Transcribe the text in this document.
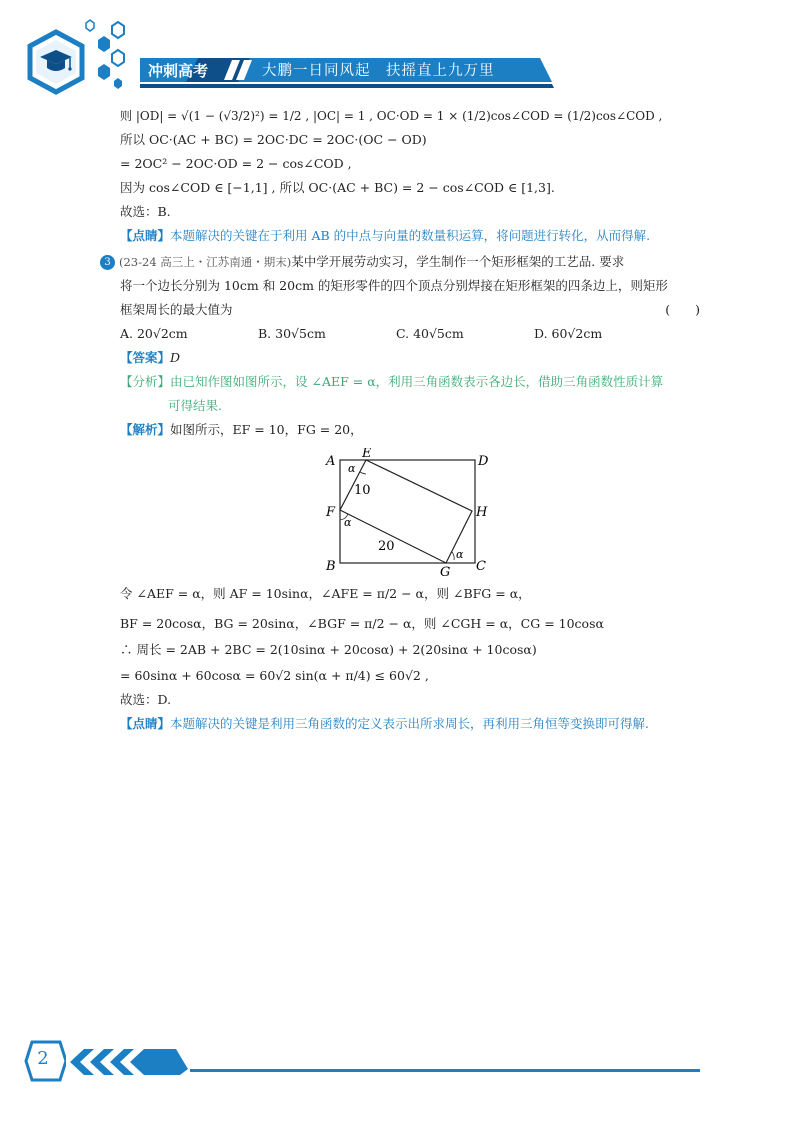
冲刺高考	大鹏一日同风起　扶摇直上九万里
则 |OD| = √(1 − (√3/2)²) = 1/2 , |OC| = 1 , OC·OD = 1 × (1/2)cos∠COD = (1/2)cos∠COD ,
所以 OC·(AC + BC) = 2OC·DC = 2OC·(OC − OD)
= 2OC² − 2OC·OD = 2 − cos∠COD ,
因为 cos∠COD ∈ [−1,1] , 所以 OC·(AC + BC) = 2 − cos∠COD ∈ [1,3].
故选：B.
【点睛】本题解决的关键在于利用 AB 的中点与向量的数量积运算，将问题进行转化，从而得解.
3 (23-24 高三上・江苏南通・期末)某中学开展劳动实习，学生制作一个矩形框架的工艺品. 要求
将一个边长分别为 10cm 和 20cm 的矩形零件的四个顶点分别焊接在矩形框架的四条边上，则矩形
框架周长的最大值为	(　　)
A. 20√2cm	B. 30√5cm	C. 40√5cm	D. 60√2cm
【答案】D
【分析】由已知作图如图所示，设 ∠AEF = α，利用三角函数表示各边长，借助三角函数性质计算
可得结果.
【解析】如图所示，EF = 10，FG = 20，
令 ∠AEF = α，则 AF = 10sinα，∠AFE = π/2 − α，则 ∠BFG = α，
BF = 20cosα，BG = 20sinα，∠BGF = π/2 − α，则 ∠CGH = α，CG = 10cosα
∴ 周长 = 2AB + 2BC = 2(10sinα + 20cosα) + 2(20sinα + 10cosα)
= 60sinα + 60cosα = 60√2 sin(α + π/4) ≤ 60√2 ,
故选：D.
【点睛】本题解决的关键是利用三角函数的定义表示出所求周长，再利用三角恒等变换即可得解.
A
E
D
F	H
B	G C
10
20
α
α
α
2
